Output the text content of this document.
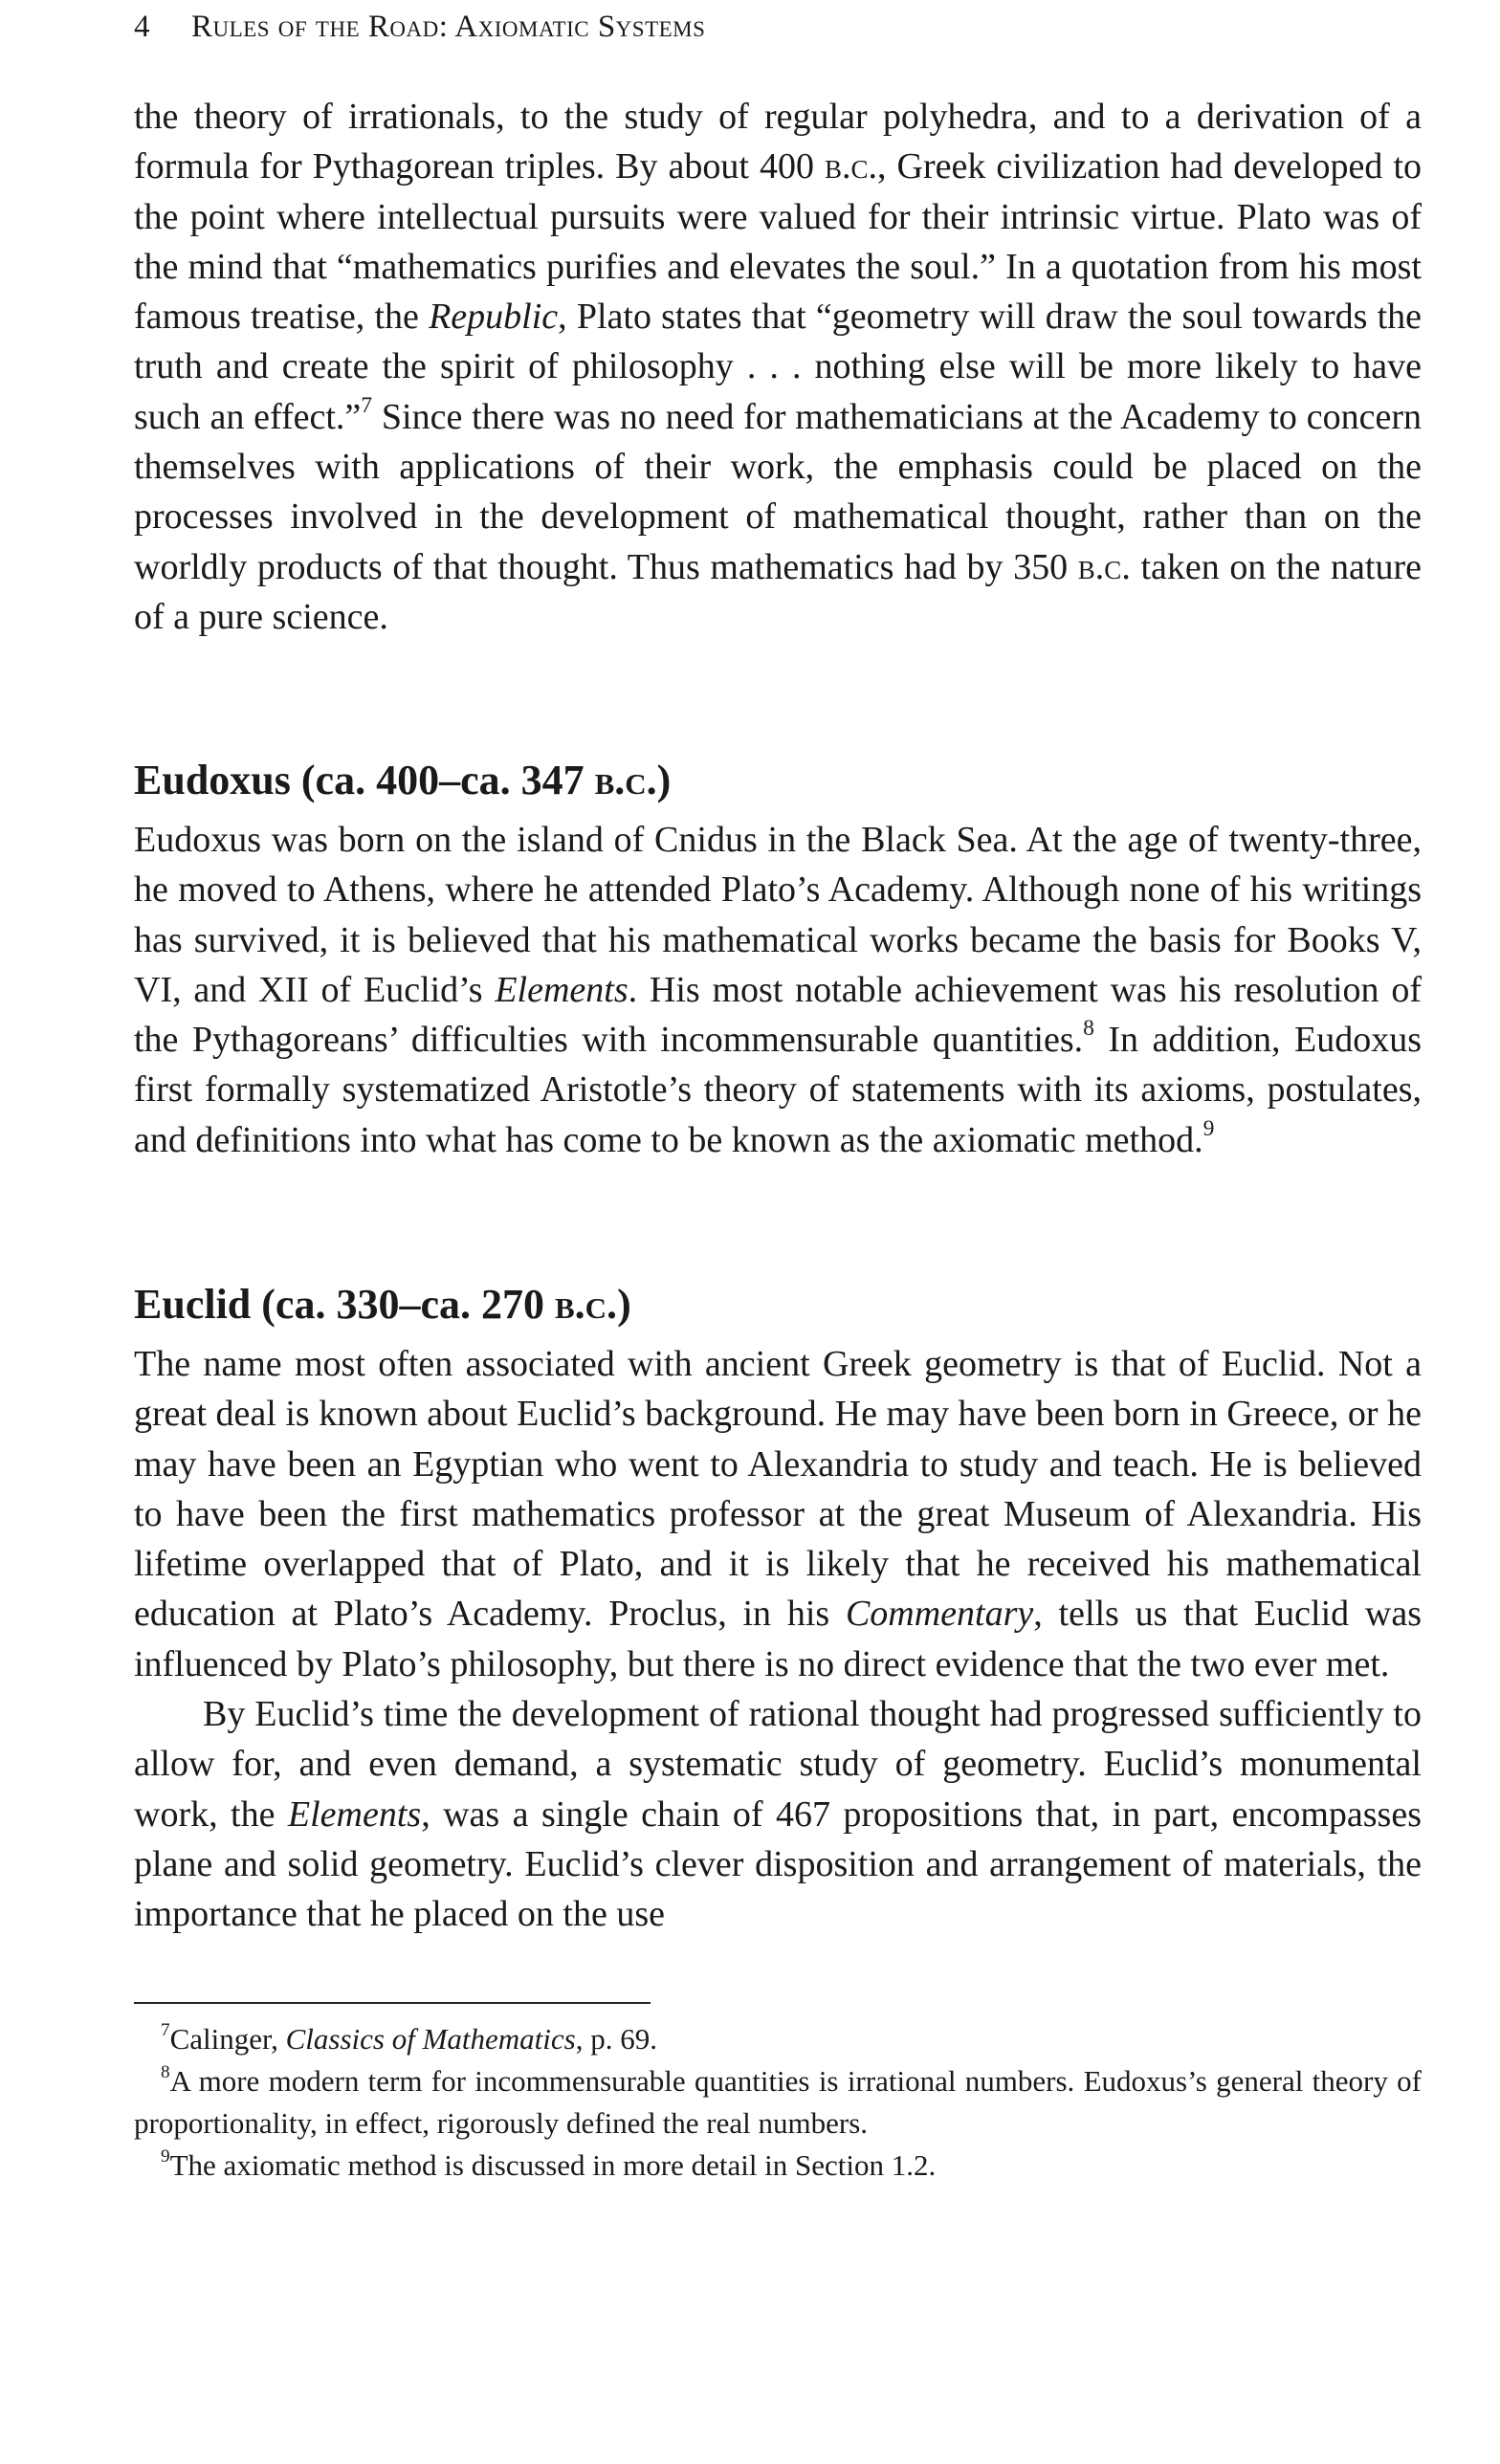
4 Rules of the Road: Axiomatic Systems

the theory of irrationals, to the study of regular polyhedra, and to a derivation of a formula for Pythagorean triples. By about 400 b.c., Greek civilization had developed to the point where intellectual pursuits were valued for their intrinsic virtue. Plato was of the mind that “mathematics purifies and elevates the soul.” In a quotation from his most famous treatise, the Republic, Plato states that “geometry will draw the soul towards the truth and create the spirit of philosophy . . . nothing else will be more likely to have such an effect.”$^7$ Since there was no need for mathematicians at the Academy to concern themselves with applications of their work, the emphasis could be placed on the processes involved in the development of mathematical thought, rather than on the worldly products of that thought. Thus mathematics had by 350 b.c. taken on the nature of a pure science.

Eudoxus (ca. 400–ca. 347 b.c.)

Eudoxus was born on the island of Cnidus in the Black Sea. At the age of twenty-three, he moved to Athens, where he attended Plato’s Academy. Although none of his writings has survived, it is believed that his mathematical works became the basis for Books V, VI, and XII of Euclid’s Elements. His most notable achievement was his resolution of the Pythagoreans’ difficulties with incommensurable quantities.$^8$ In addition, Eudoxus first formally systematized Aristotle’s theory of statements with its axioms, postulates, and definitions into what has come to be known as the axiomatic method.$^9$

Euclid (ca. 330–ca. 270 b.c.)

The name most often associated with ancient Greek geometry is that of Euclid. Not a great deal is known about Euclid’s background. He may have been born in Greece, or he may have been an Egyptian who went to Alexandria to study and teach. He is believed to have been the first mathematics professor at the great Museum of Alexandria. His lifetime overlapped that of Plato, and it is likely that he received his mathematical education at Plato’s Academy. Proclus, in his Commentary, tells us that Euclid was influenced by Plato’s philosophy, but there is no direct evidence that the two ever met.

By Euclid’s time the development of rational thought had progressed sufficiently to allow for, and even demand, a systematic study of geometry. Euclid’s monumental work, the Elements, was a single chain of 467 propositions that, in part, encompasses plane and solid geometry. Euclid’s clever disposition and arrangement of materials, the importance that he placed on the use

$^7$Calinger, Classics of Mathematics, p. 69.

$^8$A more modern term for incommensurable quantities is irrational numbers. Eudoxus’s general theory of proportionality, in effect, rigorously defined the real numbers.

$^9$The axiomatic method is discussed in more detail in Section 1.2.
